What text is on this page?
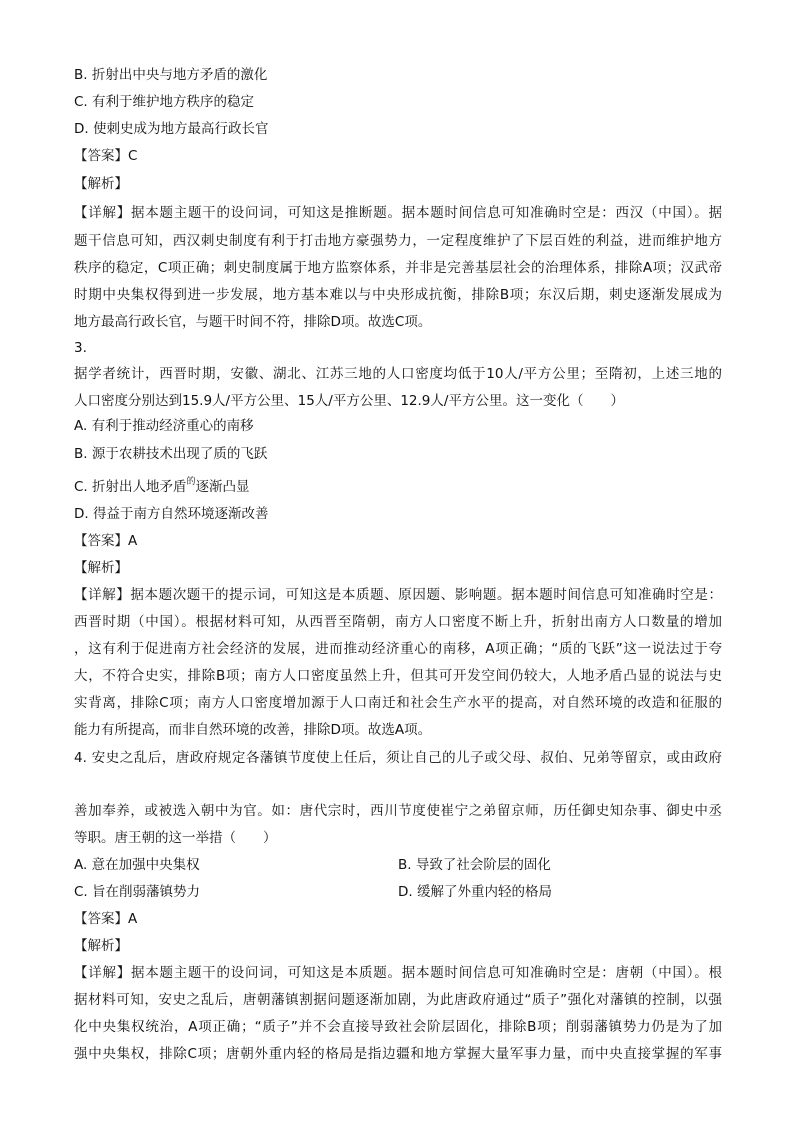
B. 折射出中央与地方矛盾的激化
C. 有利于维护地方秩序的稳定
D. 使刺史成为地方最高行政长官
【答案】C
【解析】
【详解】据本题主题干的设问词，可知这是推断题。据本题时间信息可知准确时空是：西汉（中国）。据
题干信息可知，西汉刺史制度有利于打击地方豪强势力，一定程度维护了下层百姓的利益，进而维护地方
秩序的稳定，C项正确；刺史制度属于地方监察体系，并非是完善基层社会的治理体系，排除A项；汉武帝
时期中央集权得到进一步发展，地方基本难以与中央形成抗衡，排除B项；东汉后期，刺史逐渐发展成为
地方最高行政长官，与题干时间不符，排除D项。故选C项。
3.
据学者统计，西晋时期，安徽、湖北、江苏三地的人口密度均低于10人/平方公里；至隋初，上述三地的
人口密度分别达到15.9人/平方公里、15人/平方公里、12.9人/平方公里。这一变化（　　）
A. 有利于推动经济重心的南移
B. 源于农耕技术出现了质的飞跃
C. 折射出人地矛盾$^的$逐渐凸显
D. 得益于南方自然环境逐渐改善
【答案】A
【解析】
【详解】据本题次题干的提示词，可知这是本质题、原因题、影响题。据本题时间信息可知准确时空是：
西晋时期（中国）。根据材料可知，从西晋至隋朝，南方人口密度不断上升，折射出南方人口数量的增加
，这有利于促进南方社会经济的发展，进而推动经济重心的南移，A项正确；“质的飞跃”这一说法过于夸
大，不符合史实，排除B项；南方人口密度虽然上升，但其可开发空间仍较大，人地矛盾凸显的说法与史
实背离，排除C项；南方人口密度增加源于人口南迁和社会生产水平的提高，对自然环境的改造和征服的
能力有所提高，而非自然环境的改善，排除D项。故选A项。
4. 安史之乱后，唐政府规定各藩镇节度使上任后，须让自己的儿子或父母、叔伯、兄弟等留京，或由政府
善加奉养，或被选入朝中为官。如：唐代宗时，西川节度使崔宁之弟留京师，历任御史知杂事、御史中丞
等职。唐王朝的这一举措（　　）
A. 意在加强中央集权	B. 导致了社会阶层的固化
C. 旨在削弱藩镇势力	D. 缓解了外重内轻的格局
【答案】A
【解析】
【详解】据本题主题干的设问词，可知这是本质题。据本题时间信息可知准确时空是：唐朝（中国）。根
据材料可知，安史之乱后，唐朝藩镇割据问题逐渐加剧，为此唐政府通过“质子”强化对藩镇的控制，以强
化中央集权统治，A项正确；“质子”并不会直接导致社会阶层固化，排除B项；削弱藩镇势力仍是为了加
强中央集权，排除C项；唐朝外重内轻的格局是指边疆和地方掌握大量军事力量，而中央直接掌握的军事
